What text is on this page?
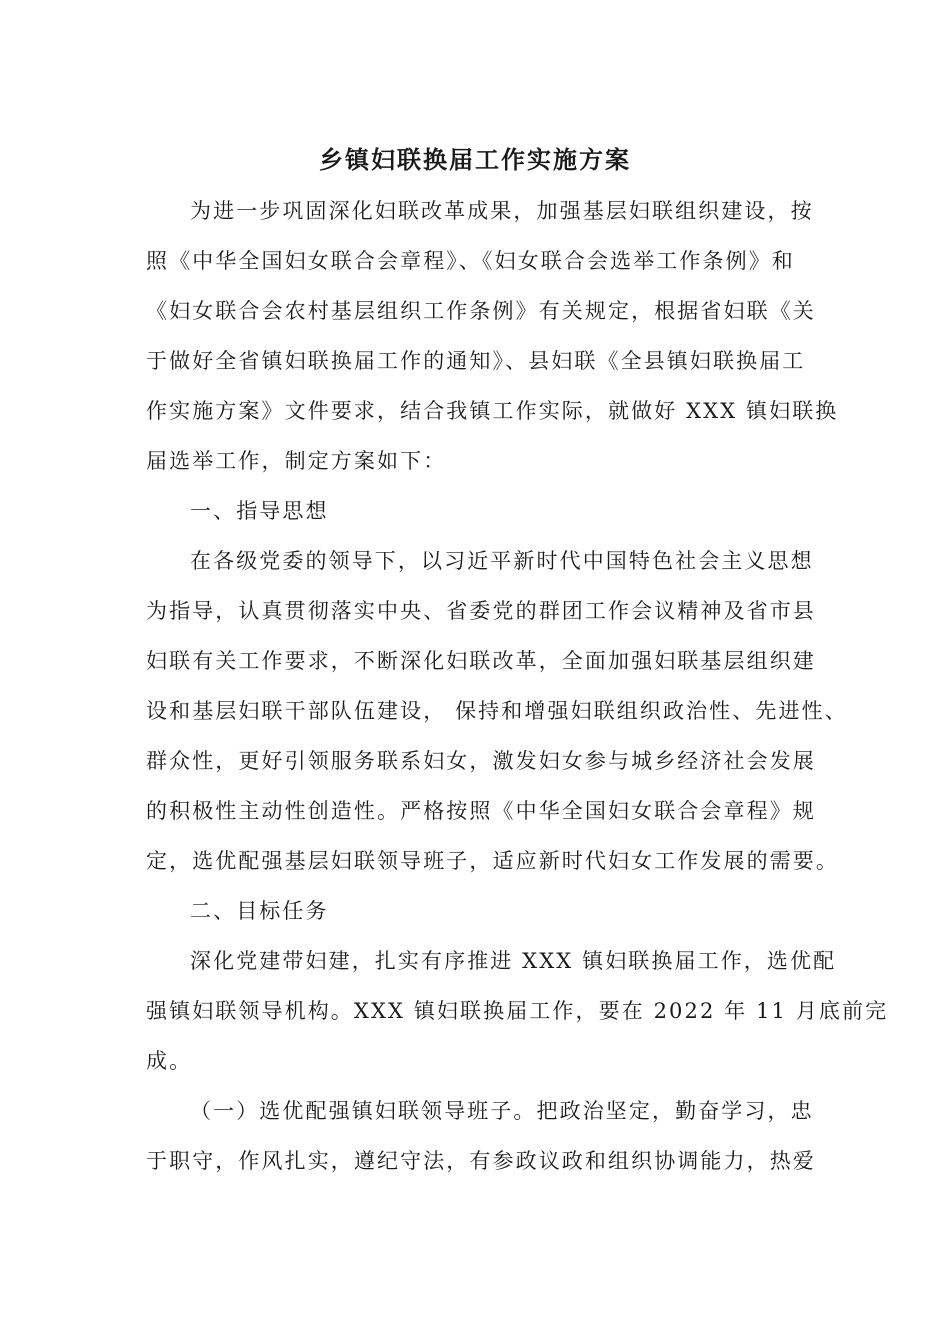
乡镇妇联换届工作实施方案
为进一步巩固深化妇联改革成果，加强基层妇联组织建设，按
照《中华全国妇女联合会章程》、《妇女联合会选举工作条例》和
《妇女联合会农村基层组织工作条例》有关规定，根据省妇联《关
于做好全省镇妇联换届工作的通知》、县妇联《全县镇妇联换届工
作实施方案》文件要求，结合我镇工作实际，就做好 XXX 镇妇联换
届选举工作，制定方案如下：
一、指导思想
在各级党委的领导下，以习近平新时代中国特色社会主义思想
为指导，认真贯彻落实中央、省委党的群团工作会议精神及省市县
妇联有关工作要求，不断深化妇联改革，全面加强妇联基层组织建
设和基层妇联干部队伍建设， 保持和增强妇联组织政治性、先进性、
群众性，更好引领服务联系妇女，激发妇女参与城乡经济社会发展
的积极性主动性创造性。严格按照《中华全国妇女联合会章程》规
定，选优配强基层妇联领导班子，适应新时代妇女工作发展的需要。
二、目标任务
深化党建带妇建，扎实有序推进 XXX 镇妇联换届工作，选优配
强镇妇联领导机构。XXX 镇妇联换届工作，要在 2022 年 11 月底前完
成。
（一）选优配强镇妇联领导班子。把政治坚定，勤奋学习，忠
于职守，作风扎实，遵纪守法，有参政议政和组织协调能力，热爱
